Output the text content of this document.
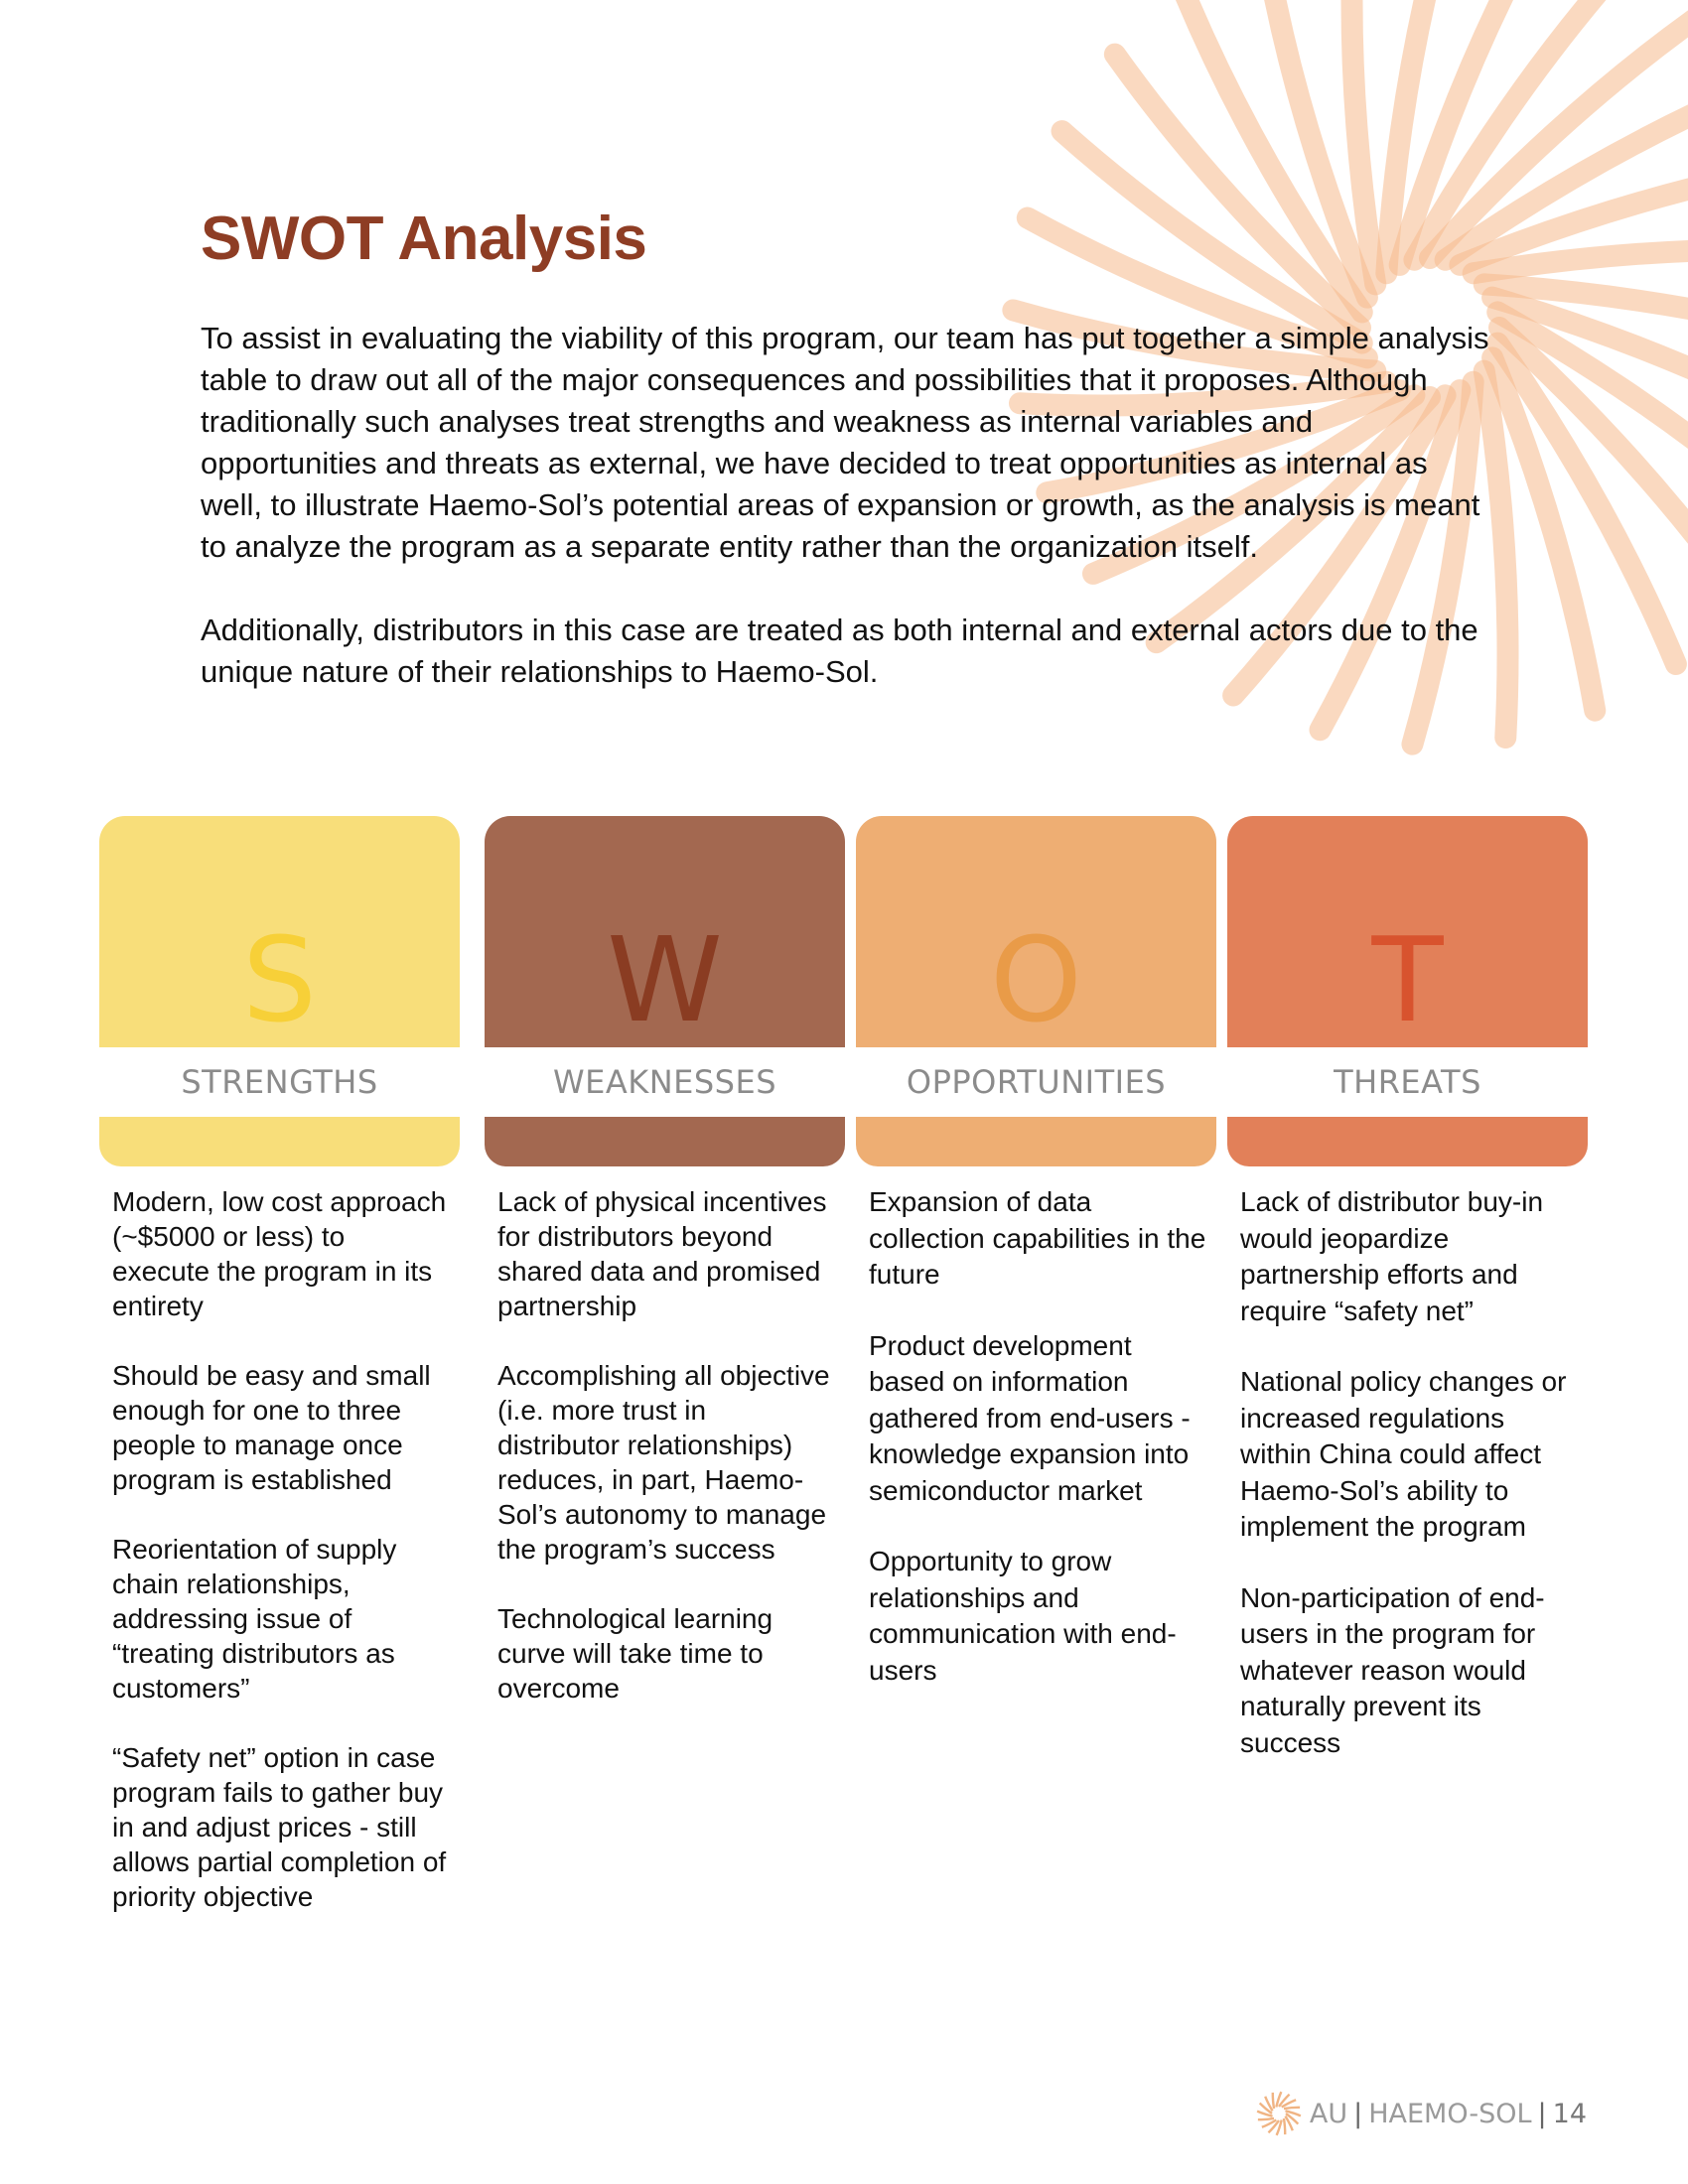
SWOT Analysis

To assist in evaluating the viability of this program, our team has put together a simple analysis table to draw out all of the major consequences and possibilities that it proposes. Although traditionally such analyses treat strengths and weakness as internal variables and opportunities and threats as external, we have decided to treat opportunities as internal as well, to illustrate Haemo-Sol’s potential areas of expansion or growth, as the analysis is meant to analyze the program as a separate entity rather than the organization itself.

Additionally, distributors in this case are treated as both internal and external actors due to the unique nature of their relationships to Haemo-Sol.

S
STRENGTHS

Modern, low cost approach (~$5000 or less) to execute the program in its entirety

Should be easy and small enough for one to three people to manage once program is established

Reorientation of supply chain relationships, addressing issue of “treating distributors as customers”

“Safety net” option in case program fails to gather buy in and adjust prices - still allows partial completion of priority objective

W
WEAKNESSES

Lack of physical incentives for distributors beyond shared data and promised partnership

Accomplishing all objective (i.e. more trust in distributor relationships) reduces, in part, Haemo-Sol’s autonomy to manage the program’s success

Technological learning curve will take time to overcome

O
OPPORTUNITIES

Expansion of data collection capabilities in the future

Product development based on information gathered from end-users - knowledge expansion into semiconductor market

Opportunity to grow relationships and communication with end-users

T
THREATS

Lack of distributor buy-in would jeopardize partnership efforts and require “safety net”

National policy changes or increased regulations within China could affect Haemo-Sol’s ability to implement the program

Non-participation of end-users in the program for whatever reason would naturally prevent its success

AU | HAEMO-SOL | 14
